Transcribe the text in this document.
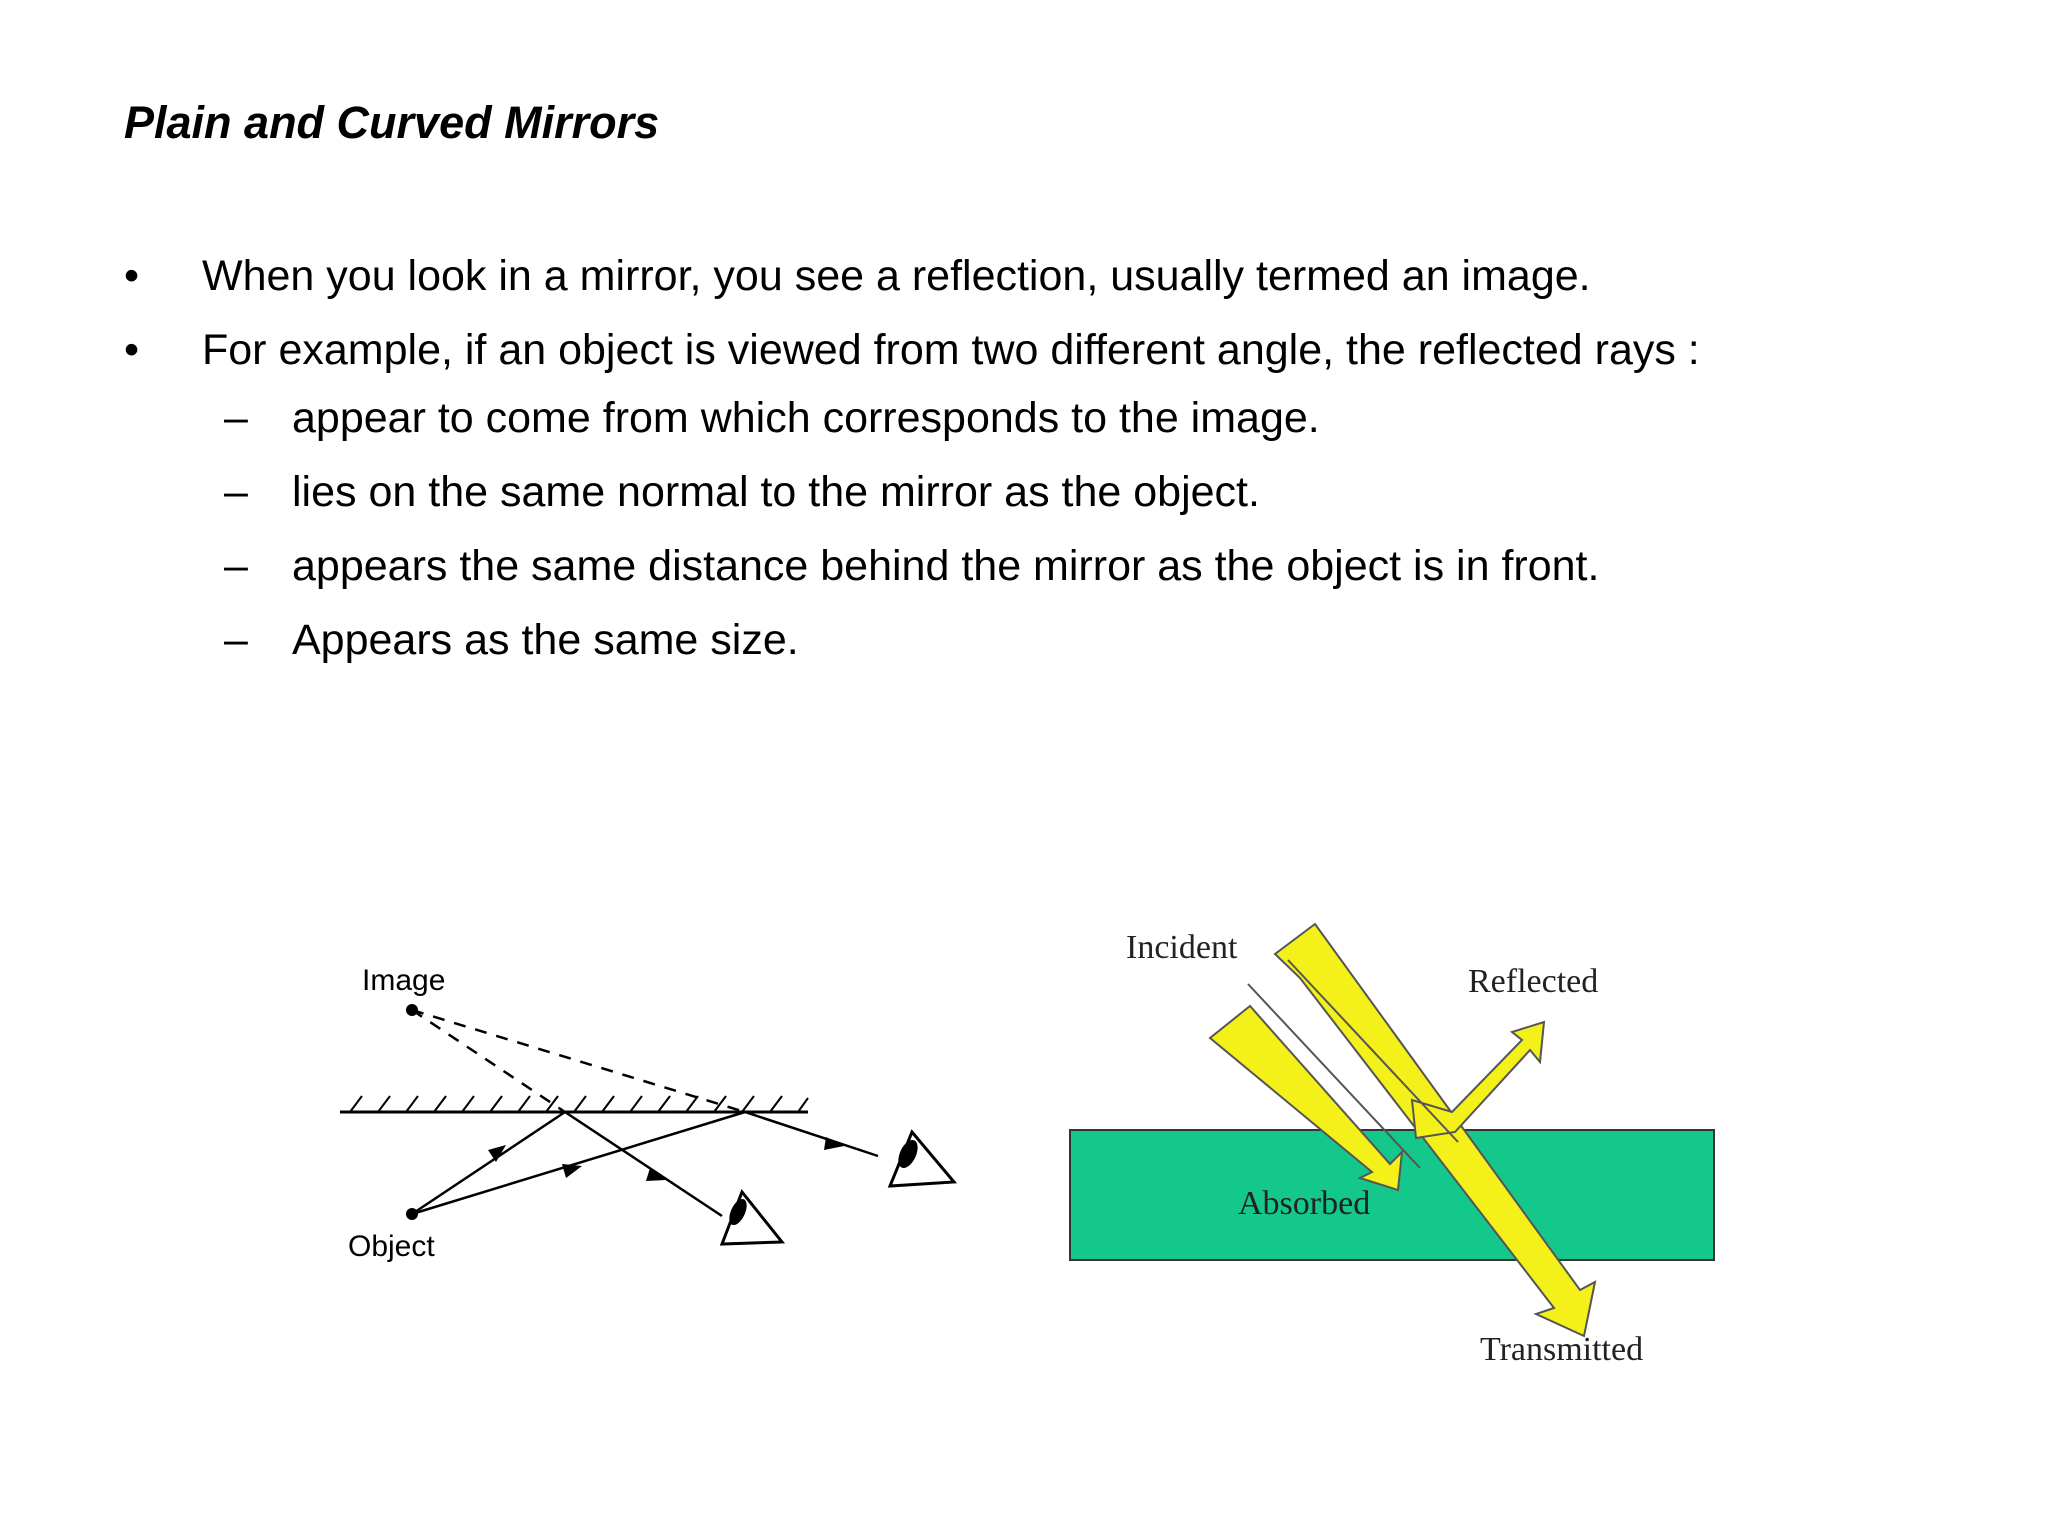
Plain and Curved Mirrors
•	When you look in a mirror, you see a reflection, usually termed an image.
•	For example, if an object is viewed from two different angle, the reflected rays :
– appear to come from which corresponds to the image.
– lies on the same normal to the mirror as the object.
– appears the same distance behind the mirror as the object is in front.
– Appears as the same size.
Image
Object
Incident
Reflected
Absorbed
Transmitted
